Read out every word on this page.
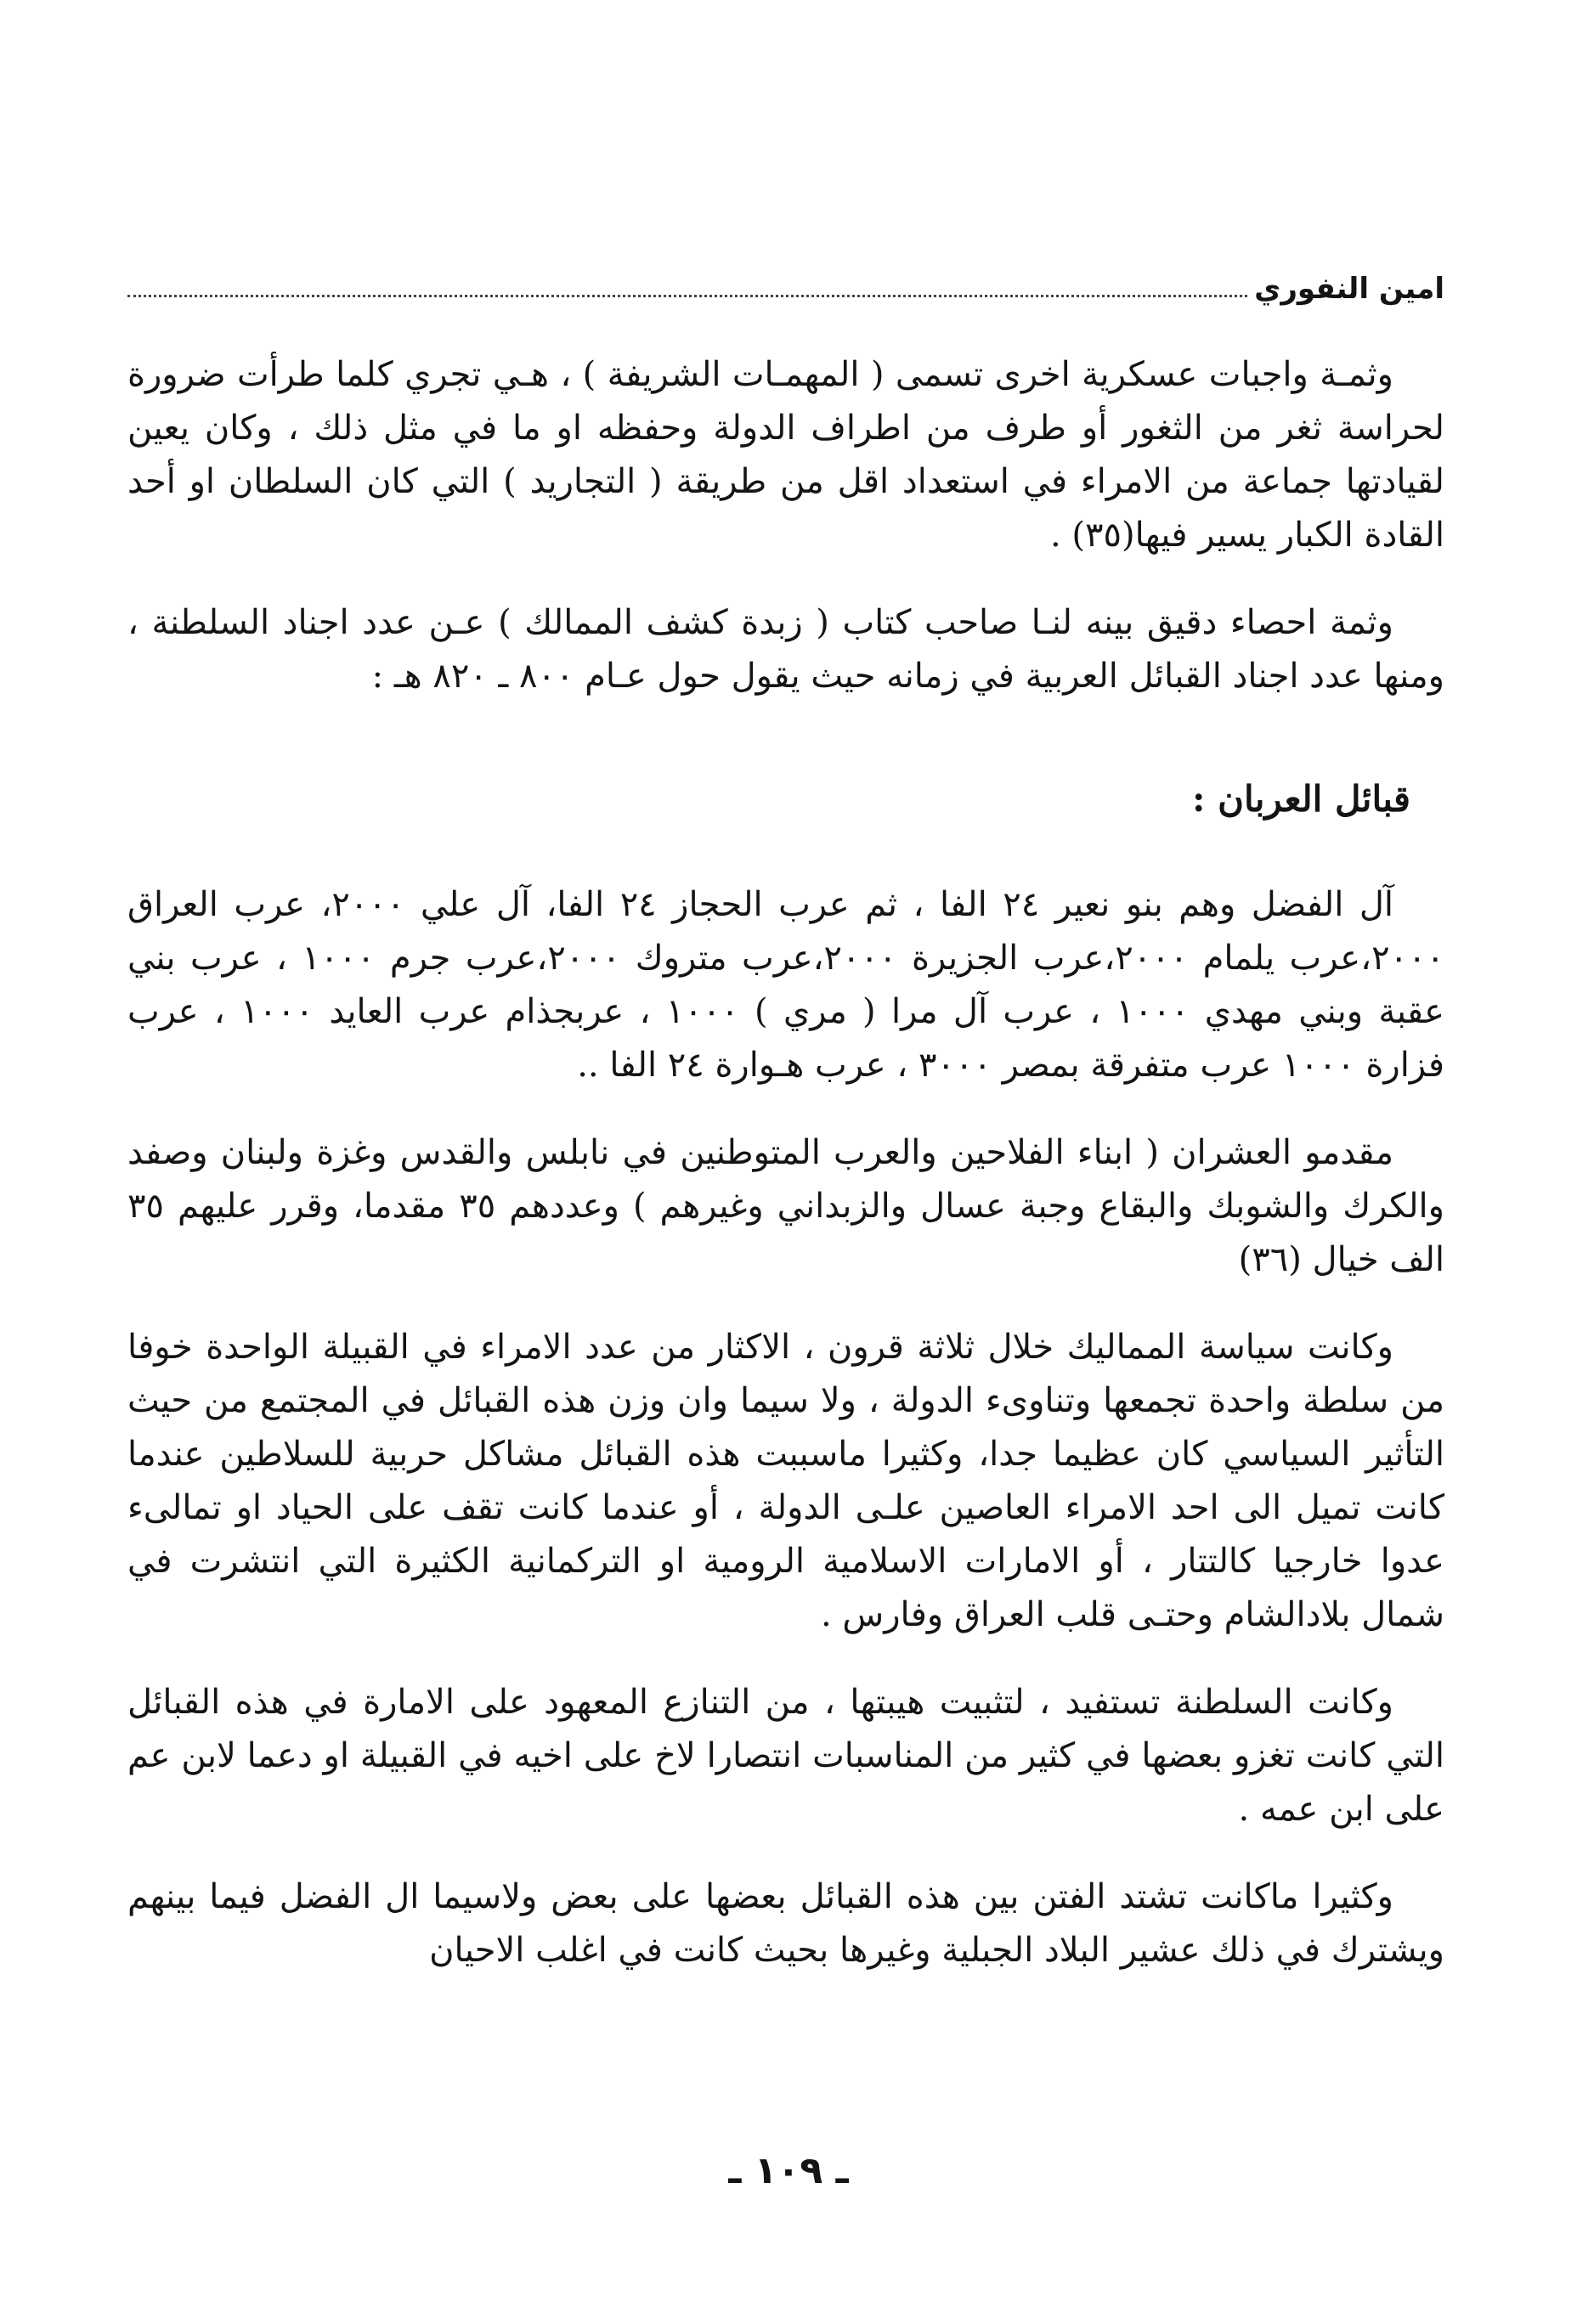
امين النفوري

وثمـة واجبات عسكرية اخرى تسمى ( المهمـات الشريفة ) ، هـي تجري كلما طرأت ضرورة لحراسة ثغر من الثغور أو طرف من اطراف الدولة وحفظه او ما في مثل ذلك ، وكان يعين لقيادتها جماعة من الامراء في استعداد اقل من طريقة ( التجاريد ) التي كان السلطان او أحد القادة الكبار يسير فيها(٣٥) .

وثمة احصاء دقيق بينه لنـا صاحب كتاب ( زبدة كشف الممالك ) عـن عدد اجناد السلطنة ، ومنها عدد اجناد القبائل العربية في زمانه حيث يقول حول عـام ٨٠٠ ـ ٨٢٠ هـ :

قبائل العربان :

آل الفضل وهم بنو نعير ٢٤ الفا ، ثم عرب الحجاز ٢٤ الفا، آل علي ٢٠٠٠، عرب العراق ٢٠٠٠،عرب يلمام ٢٠٠٠،عرب الجزيرة ٢٠٠٠،عرب متروك ٢٠٠٠،عرب جرم ١٠٠٠ ، عرب بني عقبة وبني مهدي ١٠٠٠ ، عرب آل مرا ( مري ) ١٠٠٠ ، عربجذام عرب العايد ١٠٠٠ ، عرب فزارة ١٠٠٠ عرب متفرقة بمصر ٣٠٠٠ ، عرب هـوارة ٢٤ الفا ..

مقدمو العشران ( ابناء الفلاحين والعرب المتوطنين في نابلس والقدس وغزة ولبنان وصفد والكرك والشوبك والبقاع وجبة عسال والزبداني وغيرهم ) وعددهم ٣٥ مقدما، وقرر عليهم ٣٥ الف خيال (٣٦)

وكانت سياسة المماليك خلال ثلاثة قرون ، الاكثار من عدد الامراء في القبيلة الواحدة خوفا من سلطة واحدة تجمعها وتناوىء الدولة ، ولا سيما وان وزن هذه القبائل في المجتمع من حيث التأثير السياسي كان عظيما جدا، وكثيرا ماسببت هذه القبائل مشاكل حربية للسلاطين عندما كانت تميل الى احد الامراء العاصين علـى الدولة ، أو عندما كانت تقف على الحياد او تمالىء عدوا خارجيا كالتتار ، أو الامارات الاسلامية الرومية او التركمانية الكثيرة التي انتشرت في شمال بلادالشام وحتـى قلب العراق وفارس .

وكانت السلطنة تستفيد ، لتثبيت هيبتها ، من التنازع المعهود على الامارة في هذه القبائل التي كانت تغزو بعضها في كثير من المناسبات انتصارا لاخ على اخيه في القبيلة او دعما لابن عم على ابن عمه .

وكثيرا ماكانت تشتد الفتن بين هذه القبائل بعضها على بعض ولاسيما ال الفضل فيما بينهم ويشترك في ذلك عشير البلاد الجبلية وغيرها بحيث كانت في اغلب الاحيان

ـ ١٠٩ ـ
